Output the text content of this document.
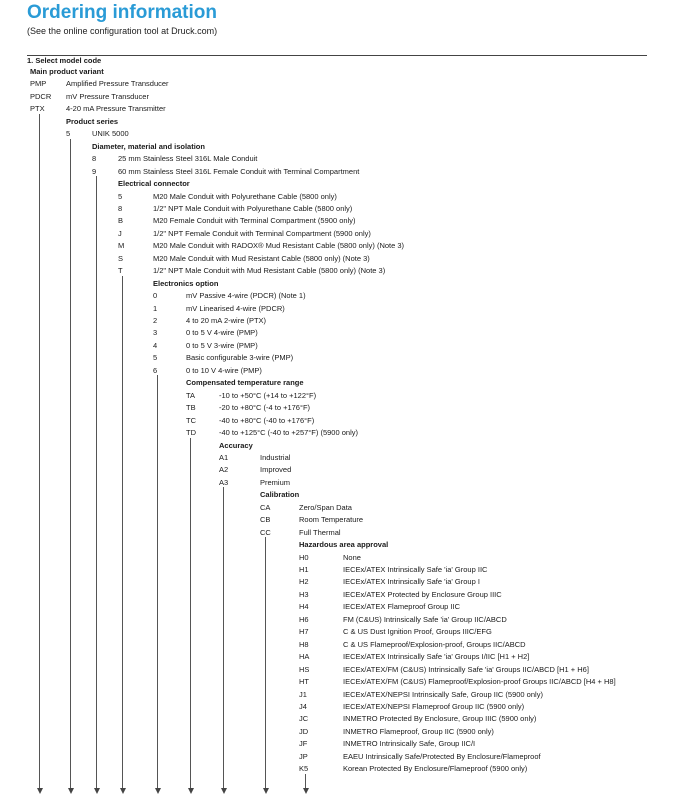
Ordering information
(See the online configuration tool at Druck.com)
1. Select model code
Main product variant
PMP	Amplified Pressure Transducer
PDCR mV Pressure Transducer
PTX	4-20 mA Pressure Transmitter
Product series
5	UNIK 5000
Diameter, material and isolation
8	25 mm Stainless Steel 316L Male Conduit
9	60 mm Stainless Steel 316L Female Conduit with Terminal Compartment
Electrical connector
5	M20 Male Conduit with Polyurethane Cable (5800 only)
8	1/2" NPT Male Conduit with Polyurethane Cable (5800 only)
B	M20 Female Conduit with Terminal Compartment (5900 only)
J	1/2" NPT Female Conduit with Terminal Compartment (5900 only)
M	M20 Male Conduit with RADOX® Mud Resistant Cable (5800 only) (Note 3)
S	M20 Male Conduit with Mud Resistant Cable (5800 only) (Note 3)
T	1/2" NPT Male Conduit with Mud Resistant Cable (5800 only) (Note 3)
Electronics option
0	mV Passive 4-wire (PDCR) (Note 1)
1	mV Linearised 4-wire (PDCR)
2	4 to 20 mA 2-wire (PTX)
3	0 to 5 V 4-wire (PMP)
4	0 to 5 V 3-wire (PMP)
5	Basic configurable 3-wire (PMP)
6	0 to 10 V 4-wire (PMP)
Compensated temperature range
TA	-10 to +50°C (+14 to +122°F)
TB	-20 to +80°C (-4 to +176°F)
TC	-40 to +80°C (-40 to +176°F)
TD	-40 to +125°C (-40 to +257°F) (5900 only)
Accuracy
A1	Industrial
A2	Improved
A3	Premium
Calibration
CA	Zero/Span Data
CB	Room Temperature
CC	Full Thermal
Hazardous area approval
H0	None
H1	IECEx/ATEX Intrinsically Safe 'ia' Group IIC
H2	IECEx/ATEX Intrinsically Safe 'ia' Group I
H3	IECEx/ATEX Protected by Enclosure Group IIIC
H4	IECEx/ATEX Flameproof Group IIC
H6	FM (C&US) Intrinsically Safe 'ia' Group IIC/ABCD
H7	C & US Dust Ignition Proof, Groups IIIC/EFG
H8	C & US Flameproof/Explosion-proof, Groups IIC/ABCD
HA	IECEx/ATEX Intrinsically Safe 'ia' Groups I/IIC [H1 + H2]
HS	IECEx/ATEX/FM (C&US) Intrinsically Safe 'ia' Groups IIC/ABCD [H1 + H6]
HT	IECEx/ATEX/FM (C&US) Flameproof/Explosion-proof Groups IIC/ABCD [H4 + H8]
J1	IECEx/ATEX/NEPSI Intrinsically Safe, Group IIC (5900 only)
J4	IECEx/ATEX/NEPSI Flameproof Group IIC (5900 only)
JC	INMETRO Protected By Enclosure, Group IIIC (5900 only)
JD	INMETRO Flameproof, Group IIC (5900 only)
JF	INMETRO Intrinsically Safe, Group IIC/I
JP	EAEU Intrinsically Safe/Protected By Enclosure/Flameproof
K5	Korean Protected By Enclosure/Flameproof (5900 only)
